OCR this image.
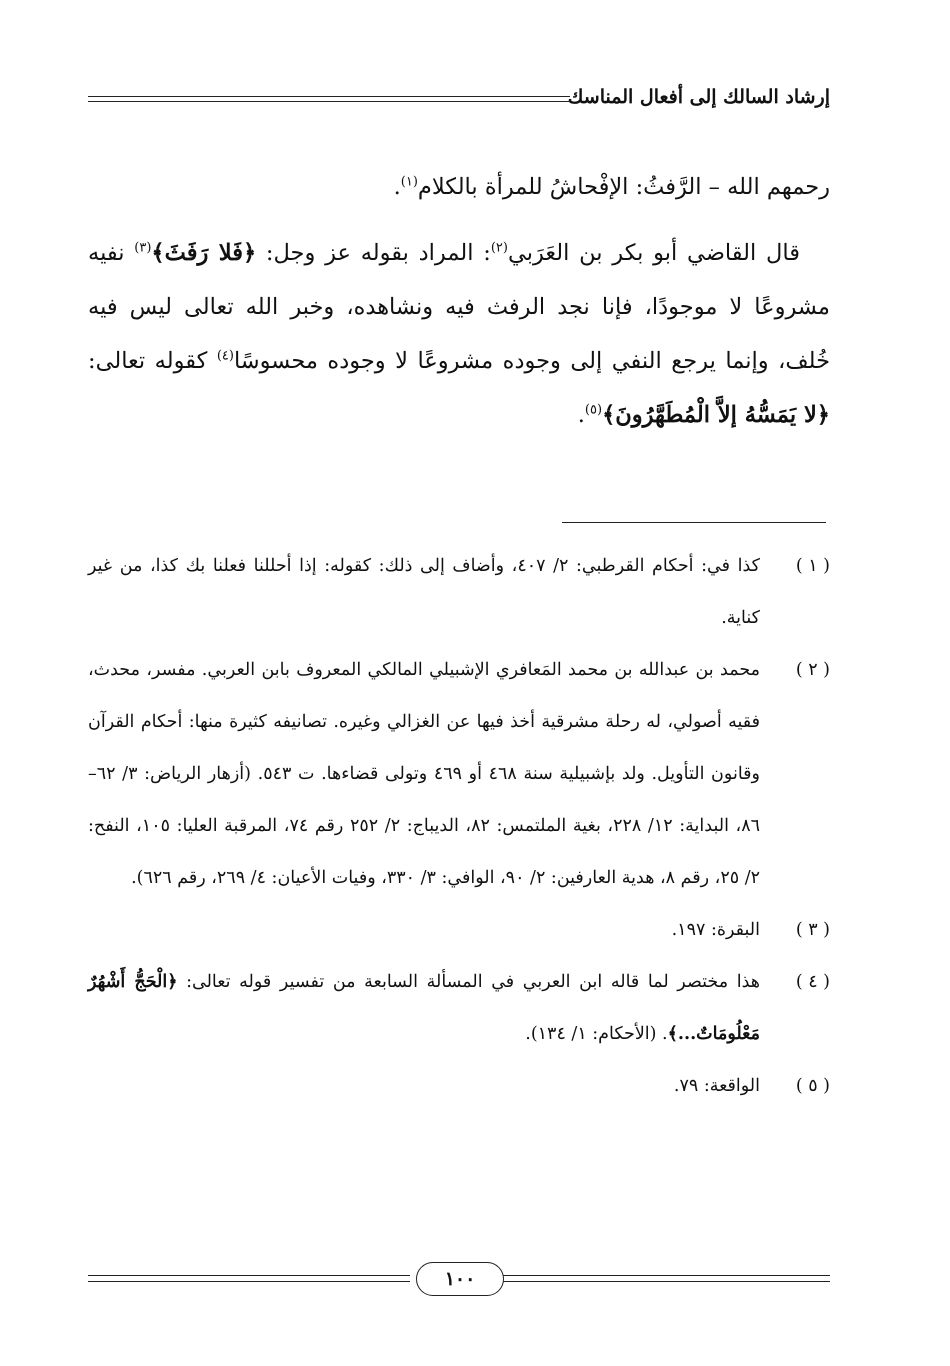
إرشاد السالك إلى أفعال المناسك

رحمهم الله – الرَّفثُ: الإفْحاشُ للمرأة بالكلام$^{(١)}$.

قال القاضي أبو بكر بن العَرَبي$^{(٢)}$: المراد بقوله عز وجل: ﴿فَلا رَفَثَ﴾$^{(٣)}$ نفيه مشروعًا لا موجودًا، فإنا نجد الرفث فيه ونشاهده، وخبر الله تعالى ليس فيه خُلف، وإنما يرجع النفي إلى وجوده مشروعًا لا وجوده محسوسًا$^{(٤)}$ كقوله تعالى: ﴿لا يَمَسُّهُ إلاَّ الْمُطَهَّرُونَ﴾$^{(٥)}$.

( ١ )
كذا في: أحكام القرطبي: ٢/ ٤٠٧، وأضاف إلى ذلك: كقوله: إذا أحللنا فعلنا بك كذا، من غير كناية.
( ٢ )
محمد بن عبدالله بن محمد المَعافري الإشبيلي المالكي المعروف بابن العربي. مفسر، محدث، فقيه أصولي، له رحلة مشرقية أخذ فيها عن الغزالي وغيره. تصانيفه كثيرة منها: أحكام القرآن وقانون التأويل. ولد بإشبيلية سنة ٤٦٨ أو ٤٦٩ وتولى قضاءها. ت ٥٤٣. (أزهار الرياض: ٣/ ٦٢–٨٦، البداية: ١٢/ ٢٢٨، بغية الملتمس: ٨٢، الديباج: ٢/ ٢٥٢ رقم ٧٤، المرقبة العليا: ١٠٥، النفح: ٢/ ٢٥، رقم ٨، هدية العارفين: ٢/ ٩٠، الوافي: ٣/ ٣٣٠، وفيات الأعيان: ٤/ ٢٦٩، رقم ٦٢٦).
( ٣ )
البقرة: ١٩٧.
( ٤ )
هذا مختصر لما قاله ابن العربي في المسألة السابعة من تفسير قوله تعالى: ﴿الْحَجُّ أَشْهُرٌ مَعْلُومَاتٌ...﴾. (الأحكام: ١/ ١٣٤).
( ٥ )
الواقعة: ٧٩.
١٠٠
